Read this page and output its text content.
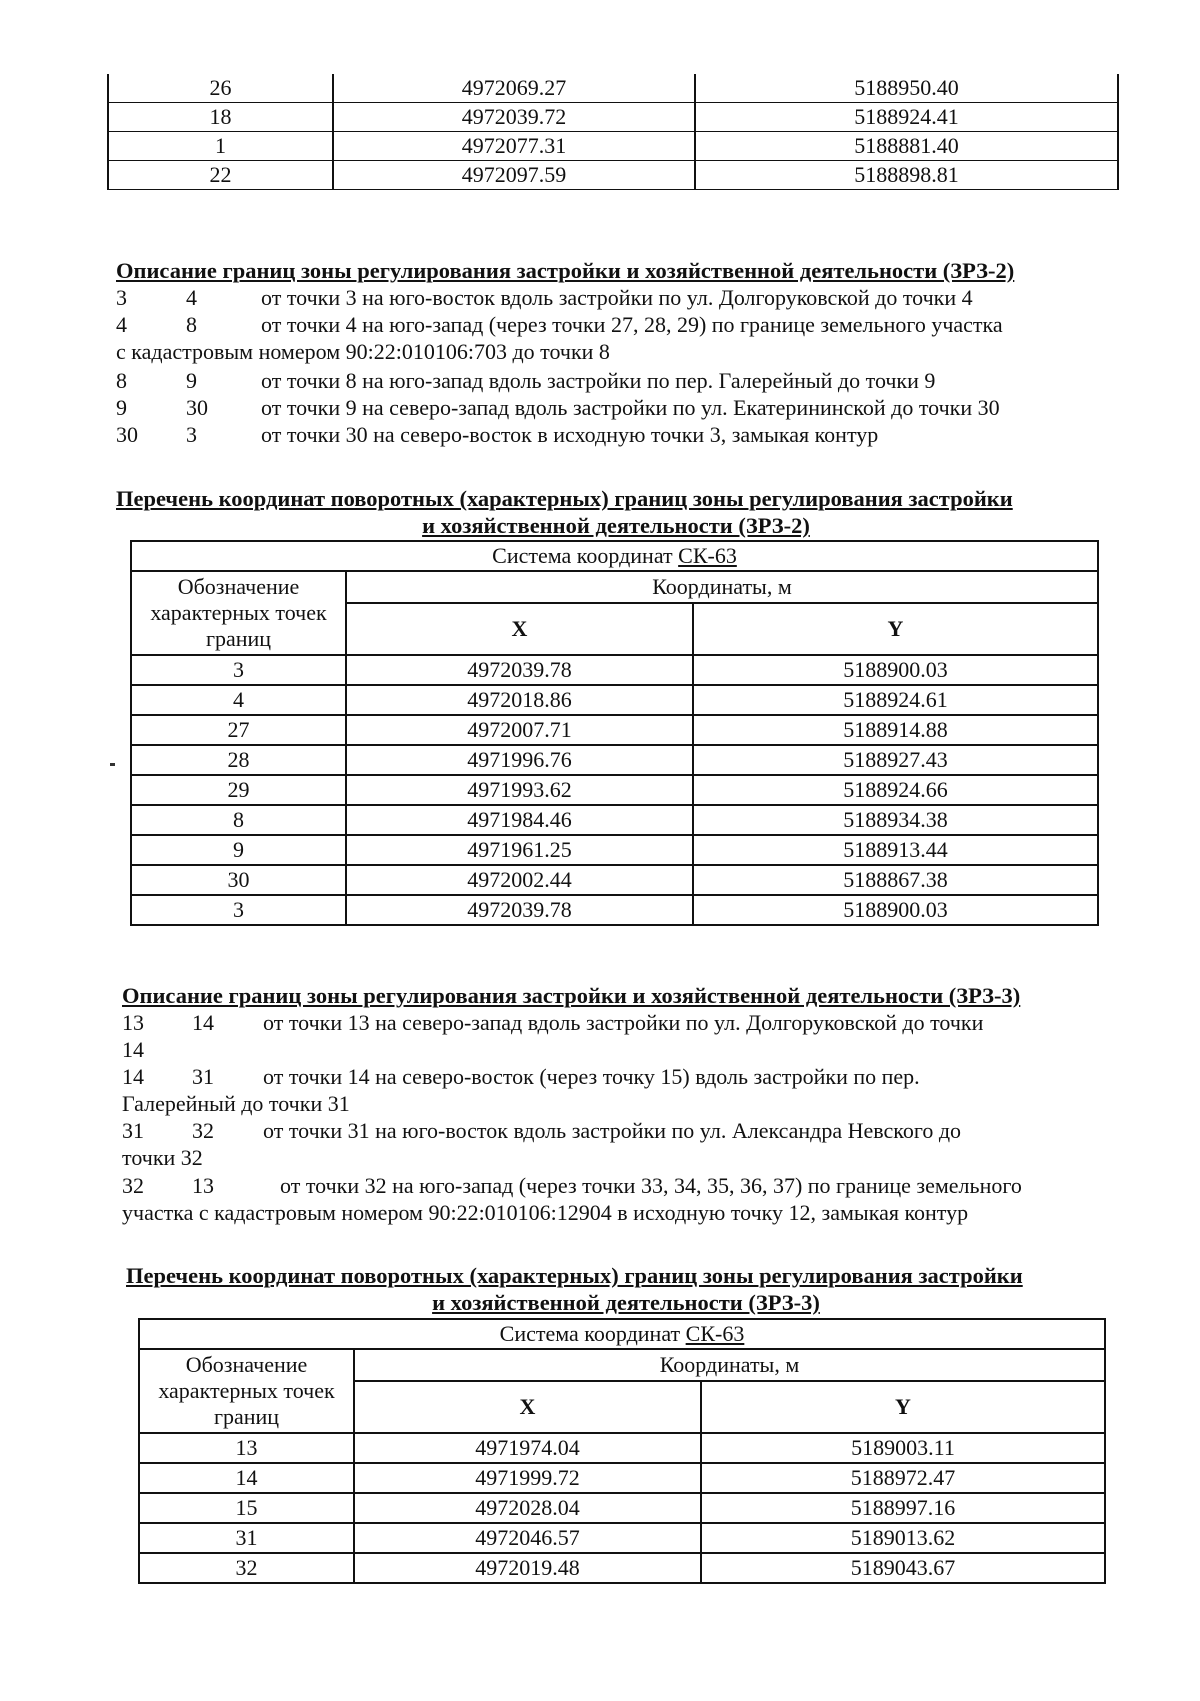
26	4972069.27	5188950.40
18	4972039.72	5188924.41
1	4972077.31	5188881.40
22	4972097.59	5188898.81
Описание границ зоны регулирования застройки и хозяйственной деятельности (ЗРЗ-2)
3	4	от точки 3 на юго-восток вдоль застройки по ул. Долгоруковской до точки 4
4	8	от точки 4 на юго-запад (через точки 27, 28, 29) по границе земельного участка
с кадастровым номером 90:22:010106:703 до точки 8
8	9	от точки 8 на юго-запад вдоль застройки по пер. Галерейный до точки 9
9	30 от точки 9 на северо-запад вдоль застройки по ул. Екатерининской до точки 30
30 3	от точки 30 на северо-восток в исходную точки 3, замыкая контур
Перечень координат поворотных (характерных) границ зоны регулирования застройки
и хозяйственной деятельности (ЗРЗ-2)
Система координат СК-63		
Обозначение характерных точек границ	Координаты, м	
	X	Y
3	4972039.78	5188900.03
4	4972018.86	5188924.61
27	4972007.71	5188914.88
28	4971996.76	5188927.43
29	4971993.62	5188924.66
8	4971984.46	5188934.38
9	4971961.25	5188913.44
30	4972002.44	5188867.38
3	4972039.78	5188900.03
Описание границ зоны регулирования застройки и хозяйственной деятельности (ЗРЗ-3)
13 14 от точки 13 на северо-запад вдоль застройки по ул. Долгоруковской до точки
14
14 31 от точки 14 на северо-восток (через точку 15) вдоль застройки по пер.
Галерейный до точки 31
31 32 от точки 31 на юго-восток вдоль застройки по ул. Александра Невского до
точки 32
32 13	от точки 32 на юго-запад (через точки 33, 34, 35, 36, 37) по границе земельного
участка с кадастровым номером 90:22:010106:12904 в исходную точку 12, замыкая контур
Перечень координат поворотных (характерных) границ зоны регулирования застройки
и хозяйственной деятельности (ЗРЗ-3)
Система координат СК-63		
Обозначение характерных точек границ	Координаты, м	
	X	Y
13	4971974.04	5189003.11
14	4971999.72	5188972.47
15	4972028.04	5188997.16
31	4972046.57	5189013.62
32	4972019.48	5189043.67
